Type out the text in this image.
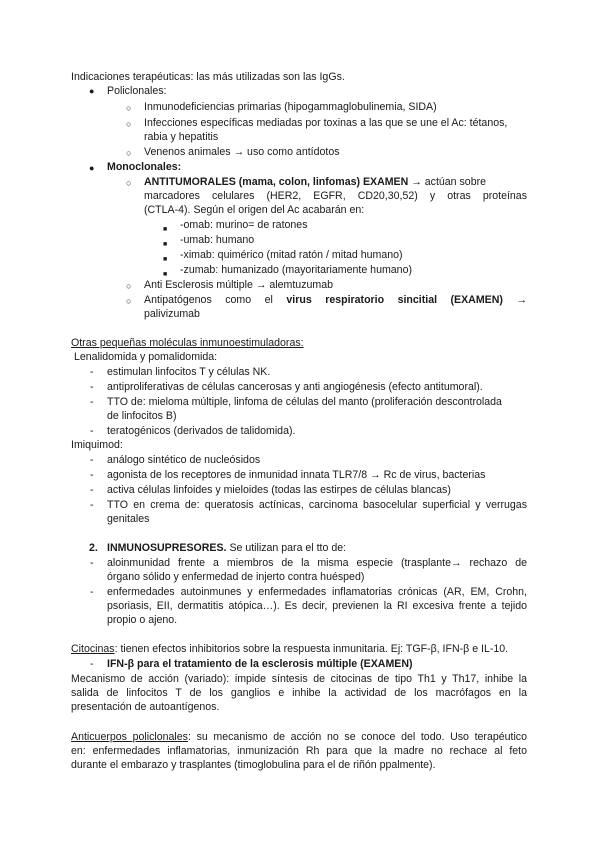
Indicaciones terapéuticas: las más utilizadas son las IgGs.
● Policlonales:
○ Inmunodeficiencias primarias (hipogammaglobulinemia, SIDA)
○ Infecciones específicas mediadas por toxinas a las que se une el Ac: tétanos,
rabia y hepatitis
○ Venenos animales → uso como antídotos
● Monoclonales:
○ ANTITUMORALES (mama, colon, linfomas) EXAMEN → actúan sobre
marcadores celulares (HER2, EGFR, CD20,30,52) y otras proteínas
(CTLA-4). Según el origen del Ac acabarán en:
■ -omab: murino= de ratones
■ -umab: humano
■ -ximab: quimérico (mitad ratón / mitad humano)
■ -zumab: humanizado (mayoritariamente humano)
○ Anti Esclerosis múltiple → alemtuzumab
○ Antipatógenos como el virus respiratorio sincitial (EXAMEN) →
palivizumab
Otras pequeñas moléculas inmunoestimuladoras:
Lenalidomida y pomalidomida:
- estimulan linfocitos T y células NK.
- antiproliferativas de células cancerosas y anti angiogénesis (efecto antitumoral).
- TTO de: mieloma múltiple, linfoma de células del manto (proliferación descontrolada
de linfocitos B)
- teratogénicos (derivados de talidomida).
Imiquimod:
- análogo sintético de nucleósidos
- agonista de los receptores de inmunidad innata TLR7/8 → Rc de virus, bacterias
- activa células linfoides y mieloides (todas las estirpes de células blancas)
- TTO en crema de: queratosis actínicas, carcinoma basocelular superficial y verrugas
genitales
2. INMUNOSUPRESORES. Se utilizan para el tto de:
- aloinmunidad frente a miembros de la misma especie (trasplante→ rechazo de
órgano sólido y enfermedad de injerto contra huésped)
- enfermedades autoinmunes y enfermedades inflamatorias crónicas (AR, EM, Crohn,
psoriasis, EII, dermatitis atópica…). Es decir, previenen la RI excesiva frente a tejido
propio o ajeno.
Citocinas: tienen efectos inhibitorios sobre la respuesta inmunitaria. Ej: TGF-β, IFN-β e IL-10.
- IFN-β para el tratamiento de la esclerosis múltiple (EXAMEN)
Mecanismo de acción (variado): impide síntesis de citocinas de tipo Th1 y Th17, inhibe la
salida de linfocitos T de los ganglios e inhibe la actividad de los macrófagos en la
presentación de autoantígenos.
Anticuerpos policlonales: su mecanismo de acción no se conoce del todo. Uso terapéutico
en: enfermedades inflamatorias, inmunización Rh para que la madre no rechace al feto
durante el embarazo y trasplantes (timoglobulina para el de riñón ppalmente).
